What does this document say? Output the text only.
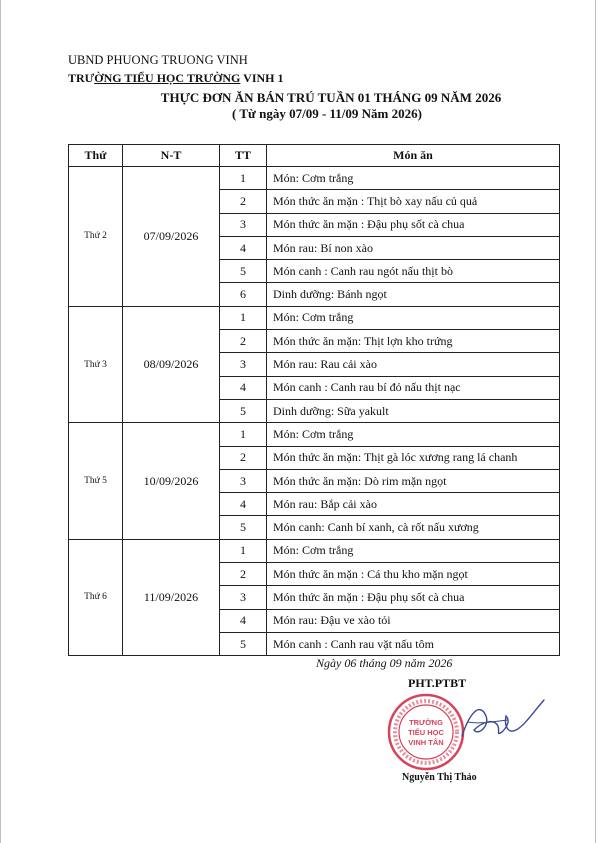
UBND PHUONG TRUONG VINH
TRƯỜNG TIỂU HỌC TRƯỜNG VINH 1
THỰC ĐƠN ĂN BÁN TRÚ TUẦN 01 THÁNG 09 NĂM 2026
( Từ ngày 07/09 - 11/09 Năm 2026)
Thứ	N-T	TT	Món ăn
Thứ 2	07/09/2026	1	Món: Cơm trắng
		2	Món thức ăn mặn : Thịt bò xay nấu củ quả
		3	Món thức ăn mặn : Đậu phụ sốt cà chua
		4	Món rau: Bí non xào
		5	Món canh : Canh rau ngót nấu thịt bò
		6	Dinh dưỡng: Bánh ngọt
Thứ 3	08/09/2026	1	Món: Cơm trắng
		2	Món thức ăn mặn: Thịt lợn kho trứng
		3	Món rau: Rau cải xào
		4	Món canh : Canh rau bí đỏ nấu thịt nạc
		5	Dinh dưỡng: Sữa yakult
Thứ 5	10/09/2026	1	Món: Cơm trắng
		2	Món thức ăn mặn: Thịt gà lóc xương rang lá chanh
		3	Món thức ăn mặn: Dò rim mặn ngọt
		4	Món rau: Bắp cải xào
		5	Món canh: Canh bí xanh, cà rốt nấu xương
Thứ 6	11/09/2026	1	Món: Cơm trắng
		2	Món thức ăn mặn : Cá thu kho mặn ngọt
		3	Món thức ăn mặn : Đậu phụ sốt cà chua
		4	Món rau: Đậu ve xào tỏi
		5	Món canh : Canh rau vặt nấu tôm
Ngày 06 tháng 09 năm 2026
PHT.PTBT
TRƯỜNG
TIỂU HỌC
VINH TÂN
Nguyễn Thị Thảo
